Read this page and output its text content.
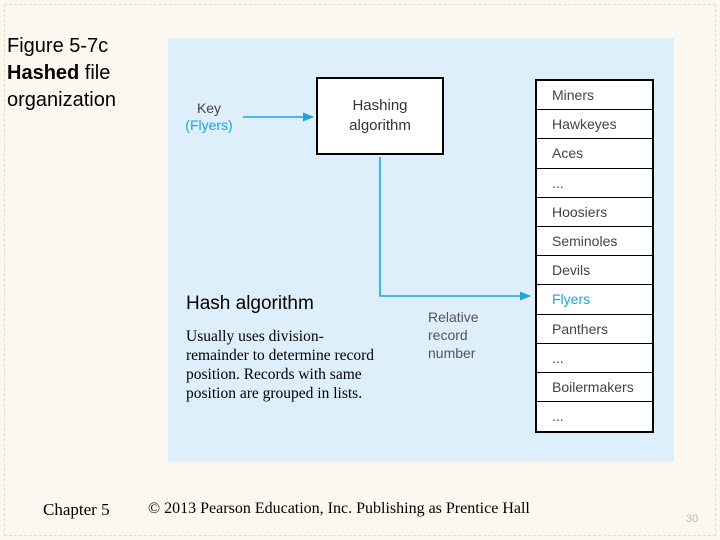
Figure 5-7c
Hashed file
organization	Key
(Flyers)
Hashing
algorithm
Relative
record
number
Miners
Hawkeyes
Aces
...
Hoosiers
Seminoles
Devils
Flyers
Panthers
...
Boilermakers
...
Hash algorithm
Usually uses division-remainder to determine record position. Records with same position are grouped in lists.
Chapter 5 © 2013 Pearson Education, Inc. Publishing as Prentice Hall
30
